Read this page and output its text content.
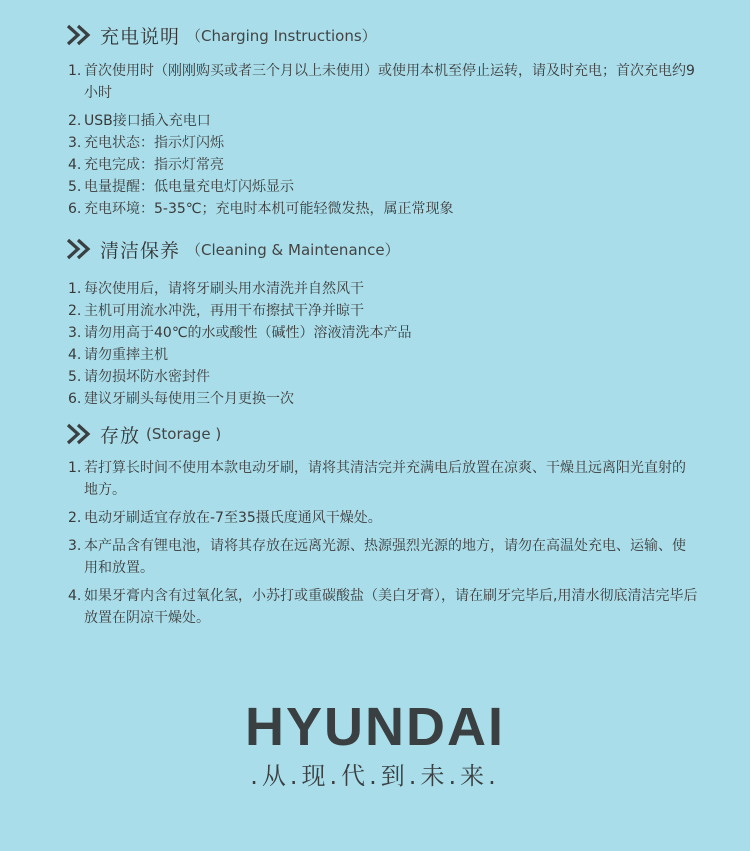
充电说明 （Charging Instructions）
1. 首次使用时（刚刚购买或者三个月以上未使用）或使用本机至停止运转，请及时充电；首次充电约9小时
2. USB接口插入充电口
3. 充电状态：指示灯闪烁
4. 充电完成：指示灯常亮
5. 电量提醒：低电量充电灯闪烁显示
6. 充电环境：5-35℃；充电时本机可能轻微发热，属正常现象
清洁保养 （Cleaning & Maintenance）
1. 每次使用后，请将牙刷头用水清洗并自然风干
2. 主机可用流水冲洗，再用干布擦拭干净并晾干
3. 请勿用高于40℃的水或酸性（碱性）溶液清洗本产品
4. 请勿重摔主机
5. 请勿损坏防水密封件
6. 建议牙刷头每使用三个月更换一次
存放 (Storage )
1. 若打算长时间不使用本款电动牙刷，请将其清洁完并充满电后放置在凉爽、干燥且远离阳光直射的地方。
2. 电动牙刷适宜存放在-7至35摄氏度通风干燥处。
3. 本产品含有锂电池，请将其存放在远离光源、热源强烈光源的地方，请勿在高温处充电、运输、使用和放置。
4. 如果牙膏内含有过氧化氢，小苏打或重碳酸盐（美白牙膏），请在刷牙完毕后,用清水彻底清洁完毕后放置在阴凉干燥处。
HYUNDAI
.从.现.代.到.未.来.
